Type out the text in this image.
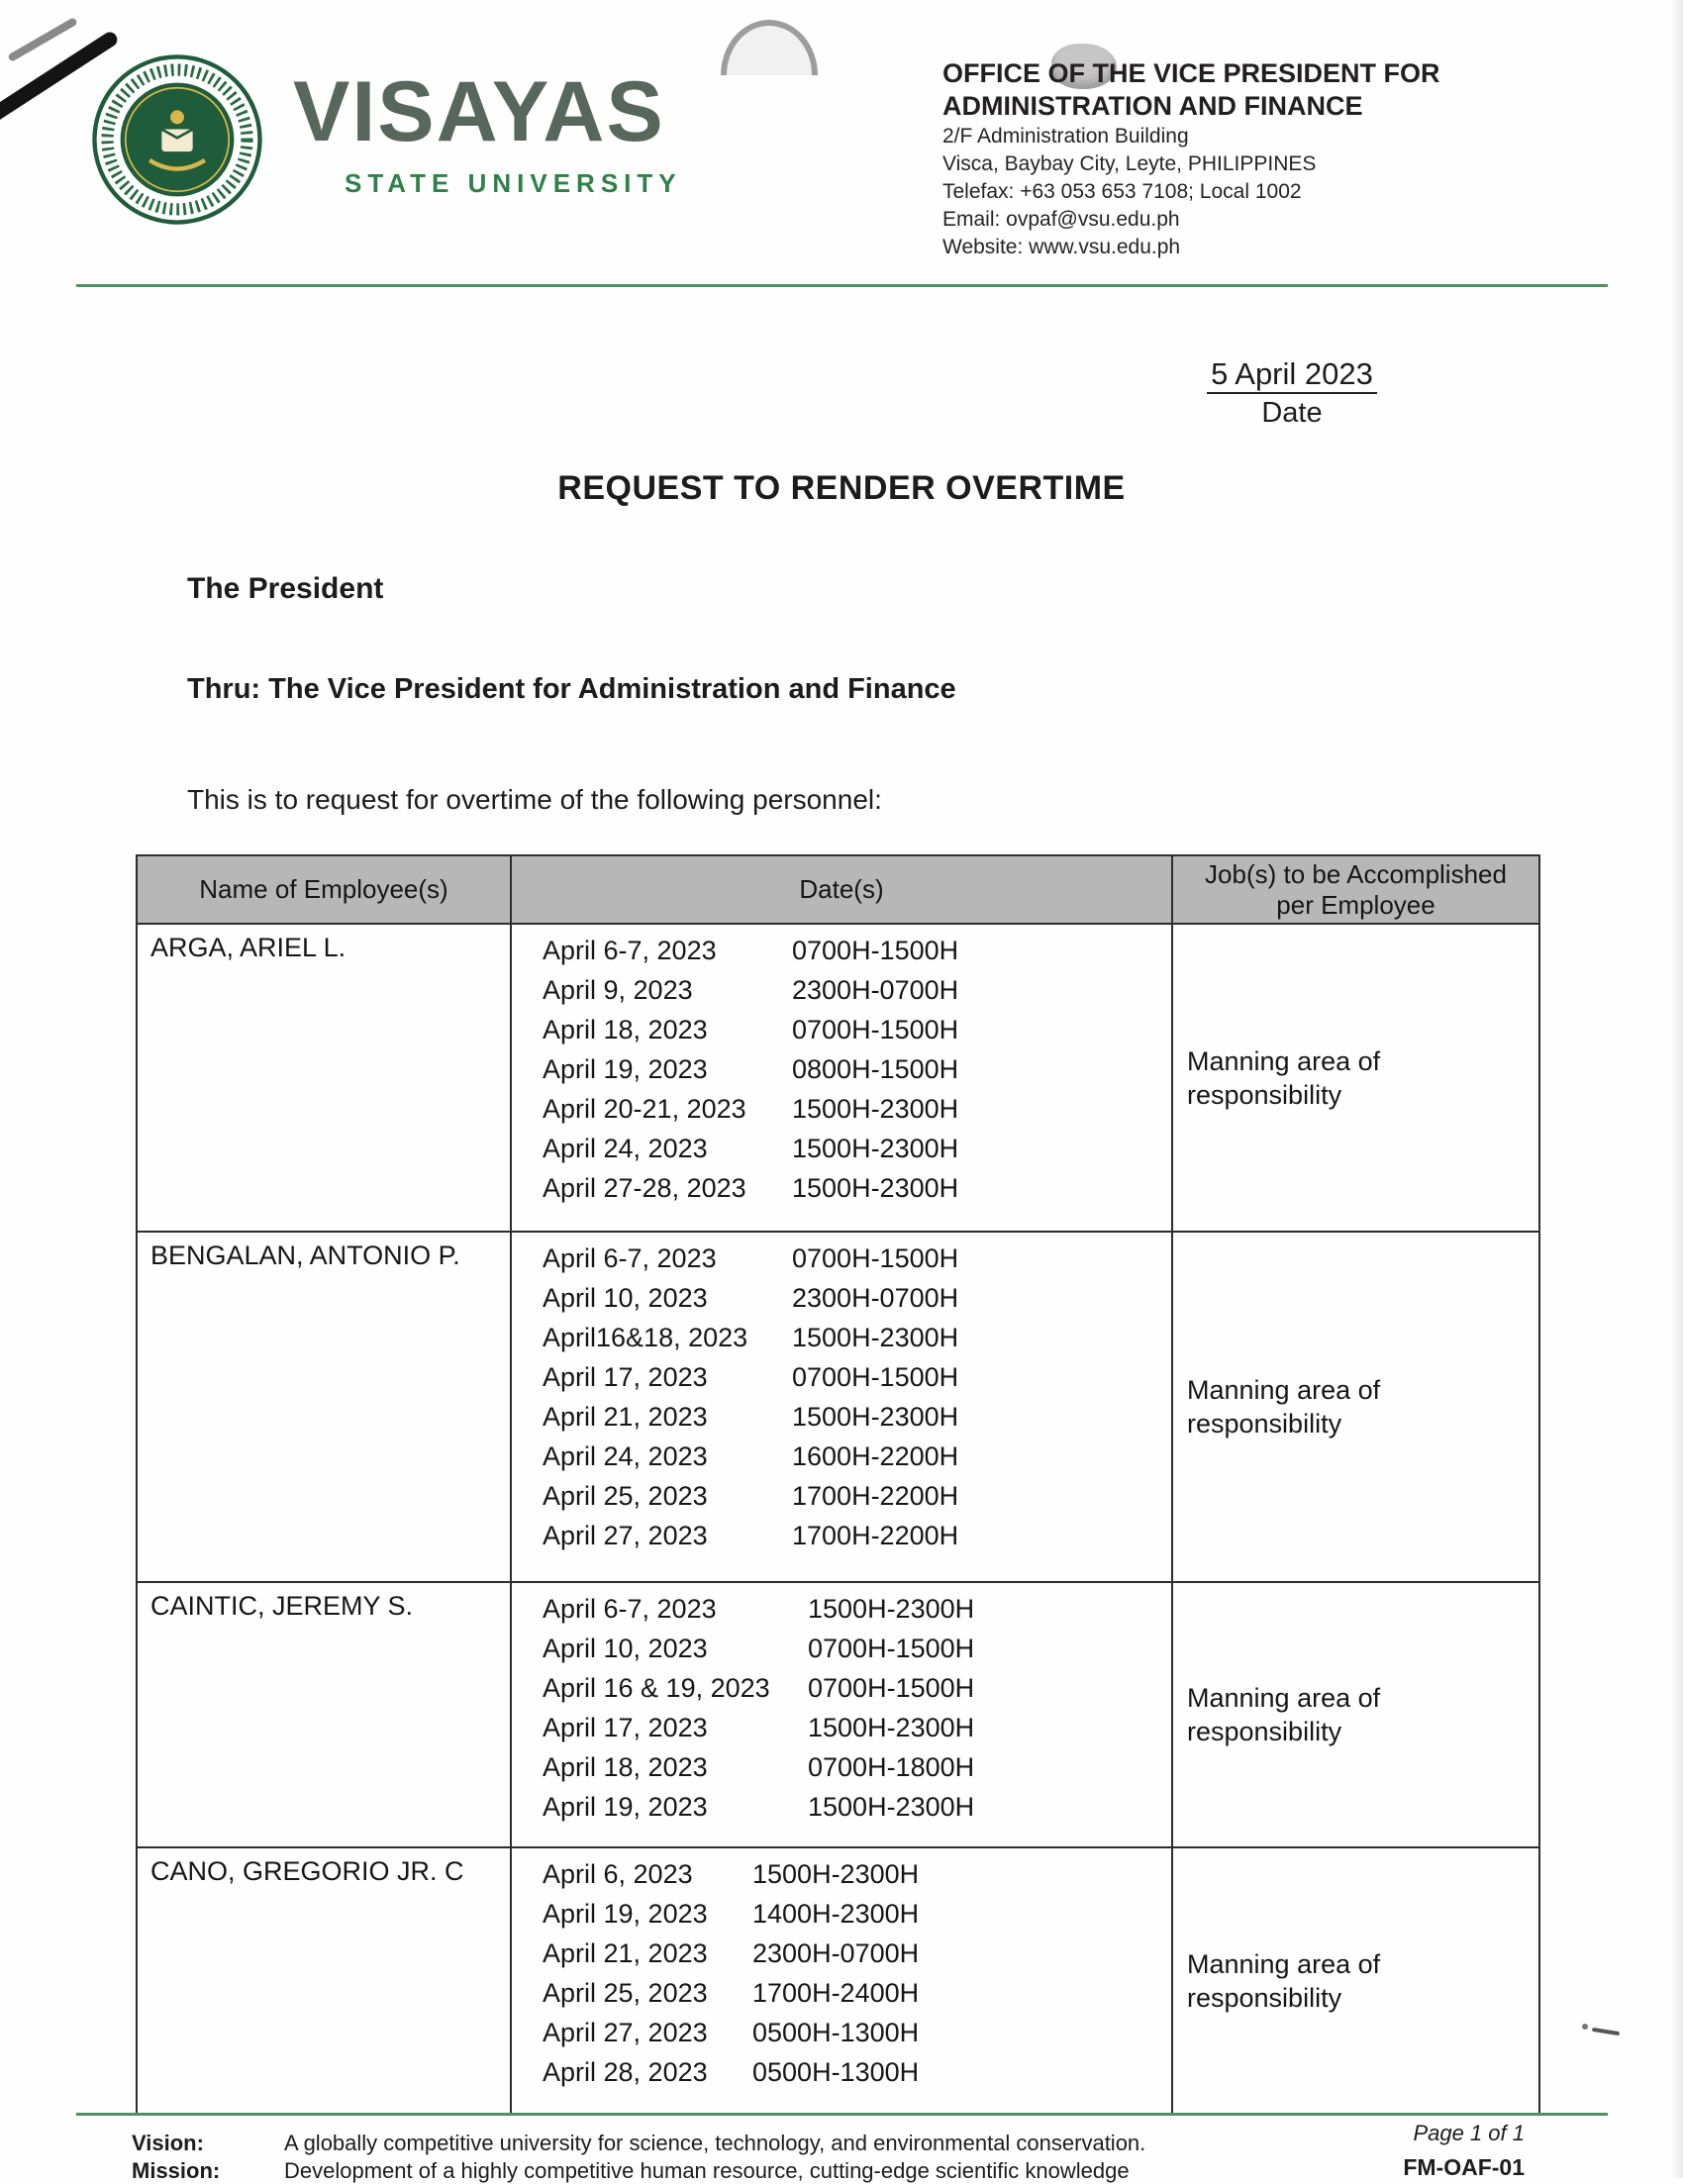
VISAYAS
STATE UNIVERSITY
OFFICE OF THE VICE PRESIDENT FOR
ADMINISTRATION AND FINANCE
2/F Administration Building
Visca, Baybay City, Leyte, PHILIPPINES
Telefax: +63 053 653 7108; Local 1002
Email: ovpaf@vsu.edu.ph
Website: www.vsu.edu.ph
5 April 2023
Date
REQUEST TO RENDER OVERTIME

The President

Thru: The Vice President for Administration and Finance

This is to request for overtime of the following personnel:

Name of Employee(s)	Date(s)	Job(s) to be Accomplished per Employee
ARGA, ARIEL L.	April 6-7, 2023	0700H-1500H
April 9, 2023	2300H-0700H
April 18, 2023	0700H-1500H
April 19, 2023	0800H-1500H
April 20-21, 2023 1500H-2300H
April 24, 2023	1500H-2300H
April 27-28, 2023 1500H-2300H

Manning area of
responsibility

BENGALAN, ANTONIO P.	April 6-7, 2023	0700H-1500H
April 10, 2023	2300H-0700H
April16&18, 2023 1500H-2300H
April 17, 2023	0700H-1500H
April 21, 2023	1500H-2300H
April 24, 2023	1600H-2200H
April 25, 2023	1700H-2200H
April 27, 2023	1700H-2200H

Manning area of
responsibility

CAINTIC, JEREMY S.	April 6-7, 2023	1500H-2300H
April 10, 2023	0700H-1500H
April 16 & 19, 2023 0700H-1500H
April 17, 2023	1500H-2300H
April 18, 2023	0700H-1800H
April 19, 2023	1500H-2300H

Manning area of
responsibility

CANO, GREGORIO JR. C	April 6, 2023 1500H-2300H
April 19, 2023 1400H-2300H
April 21, 2023 2300H-0700H
April 25, 2023 1700H-2400H
April 27, 2023 0500H-1300H
April 28, 2023 0500H-1300H

Manning area of
responsibility

Page 1 of 1
FM-OAF-01
Vision:	A globally competitive university for science, technology, and environmental conservation.
Mission:	Development of a highly competitive human resource, cutting-edge scientific knowledge
